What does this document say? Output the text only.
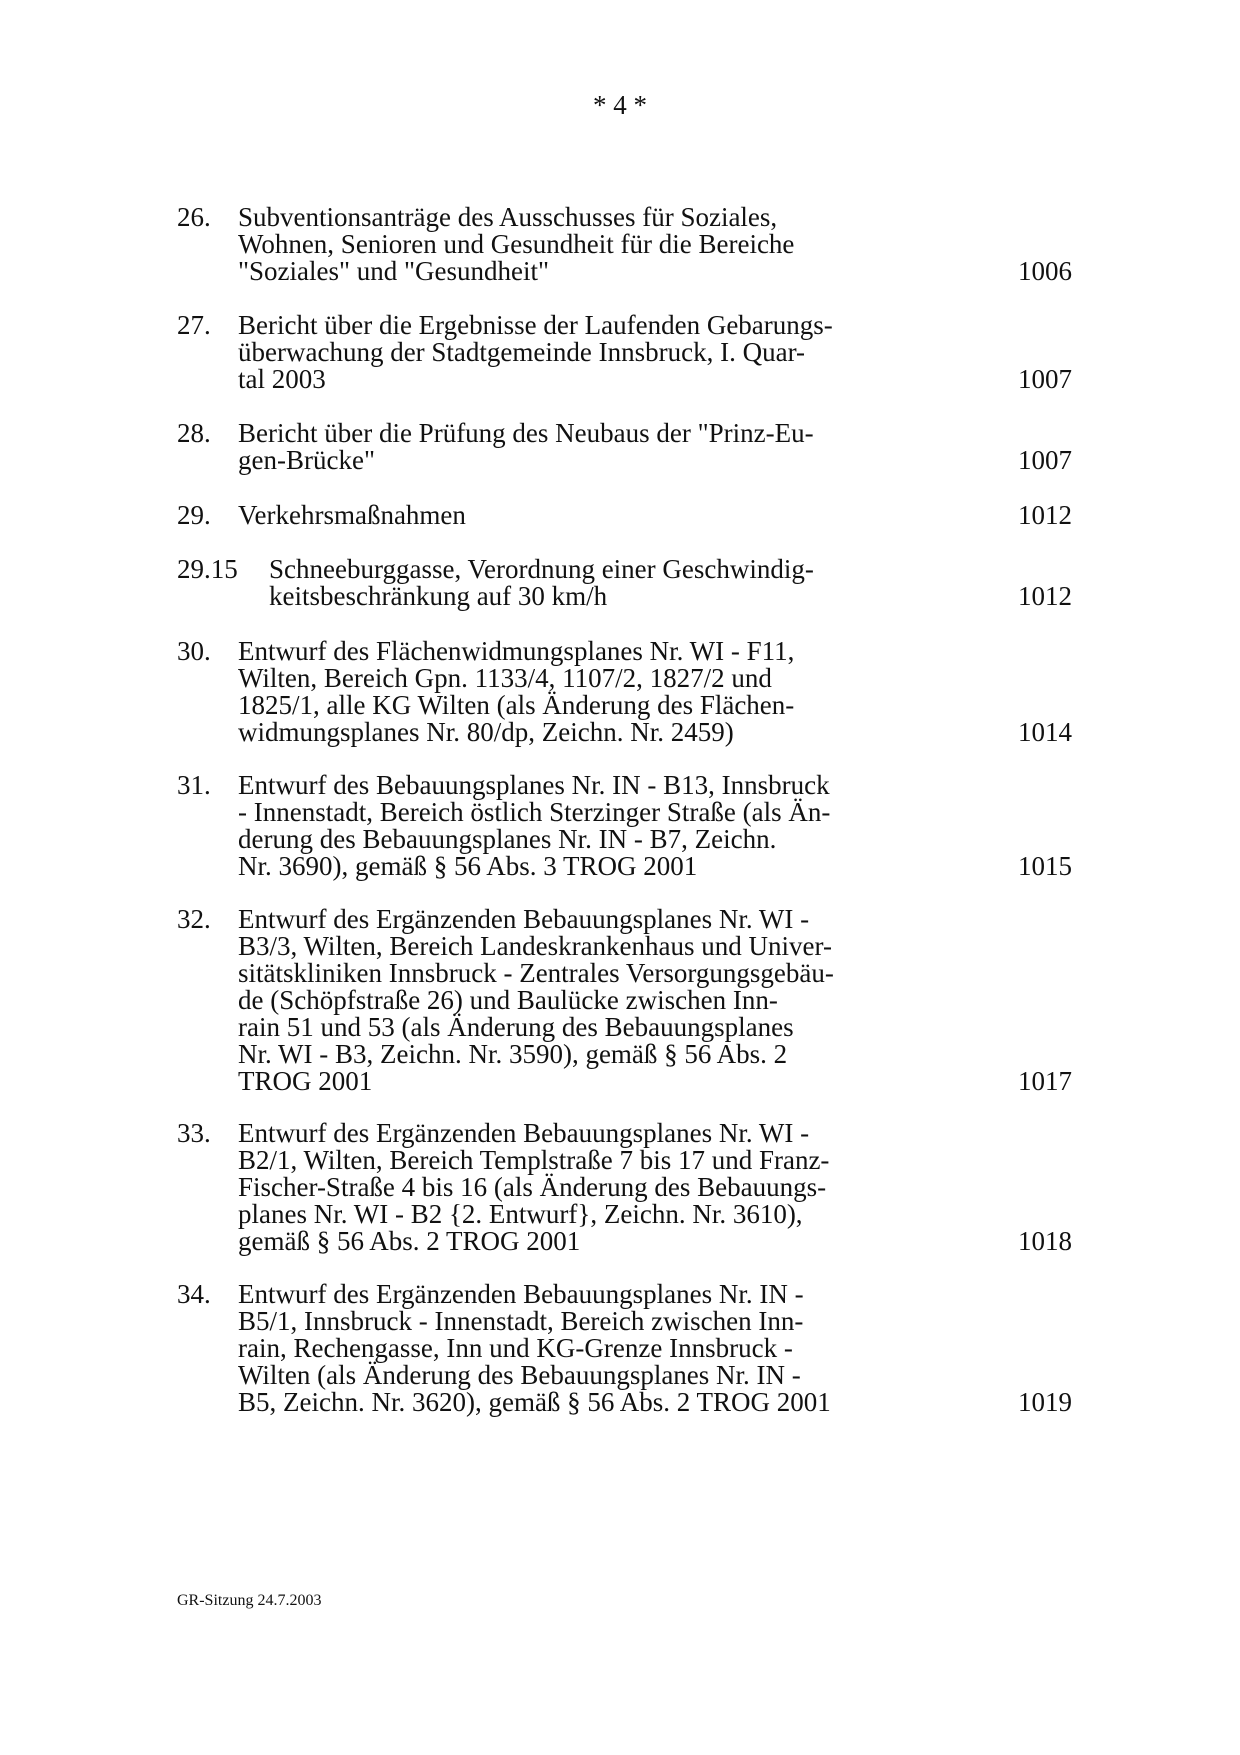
* 4 *
26. Subventionsanträge des Ausschusses für Soziales,
Wohnen, Senioren und Gesundheit für die Bereiche
"Soziales" und "Gesundheit"	1006
27. Bericht über die Ergebnisse der Laufenden Gebarungs-
überwachung der Stadtgemeinde Innsbruck, I. Quar-
tal 2003	1007
28. Bericht über die Prüfung des Neubaus der "Prinz-Eu-
gen-Brücke"	1007
29. Verkehrsmaßnahmen	1012
29.15 Schneeburggasse, Verordnung einer Geschwindig-
keitsbeschränkung auf 30 km/h	1012
30. Entwurf des Flächenwidmungsplanes Nr. WI - F11,
Wilten, Bereich Gpn. 1133/4, 1107/2, 1827/2 und
1825/1, alle KG Wilten (als Änderung des Flächen-
widmungsplanes Nr. 80/dp, Zeichn. Nr. 2459)	1014
31. Entwurf des Bebauungsplanes Nr. IN - B13, Innsbruck
- Innenstadt, Bereich östlich Sterzinger Straße (als Än-
derung des Bebauungsplanes Nr. IN - B7, Zeichn.
Nr. 3690), gemäß § 56 Abs. 3 TROG 2001	1015
32. Entwurf des Ergänzenden Bebauungsplanes Nr. WI -
B3/3, Wilten, Bereich Landeskrankenhaus und Univer-
sitätskliniken Innsbruck - Zentrales Versorgungsgebäu-
de (Schöpfstraße 26) und Baulücke zwischen Inn-
rain 51 und 53 (als Änderung des Bebauungsplanes
Nr. WI - B3, Zeichn. Nr. 3590), gemäß § 56 Abs. 2
TROG 2001	1017
33. Entwurf des Ergänzenden Bebauungsplanes Nr. WI -
B2/1, Wilten, Bereich Templstraße 7 bis 17 und Franz-
Fischer-Straße 4 bis 16 (als Änderung des Bebauungs-
planes Nr. WI - B2 {2. Entwurf}, Zeichn. Nr. 3610),
gemäß § 56 Abs. 2 TROG 2001	1018
34. Entwurf des Ergänzenden Bebauungsplanes Nr. IN -
B5/1, Innsbruck - Innenstadt, Bereich zwischen Inn-
rain, Rechengasse, Inn und KG-Grenze Innsbruck -
Wilten (als Änderung des Bebauungsplanes Nr. IN -
B5, Zeichn. Nr. 3620), gemäß § 56 Abs. 2 TROG 2001	1019
GR-Sitzung 24.7.2003
